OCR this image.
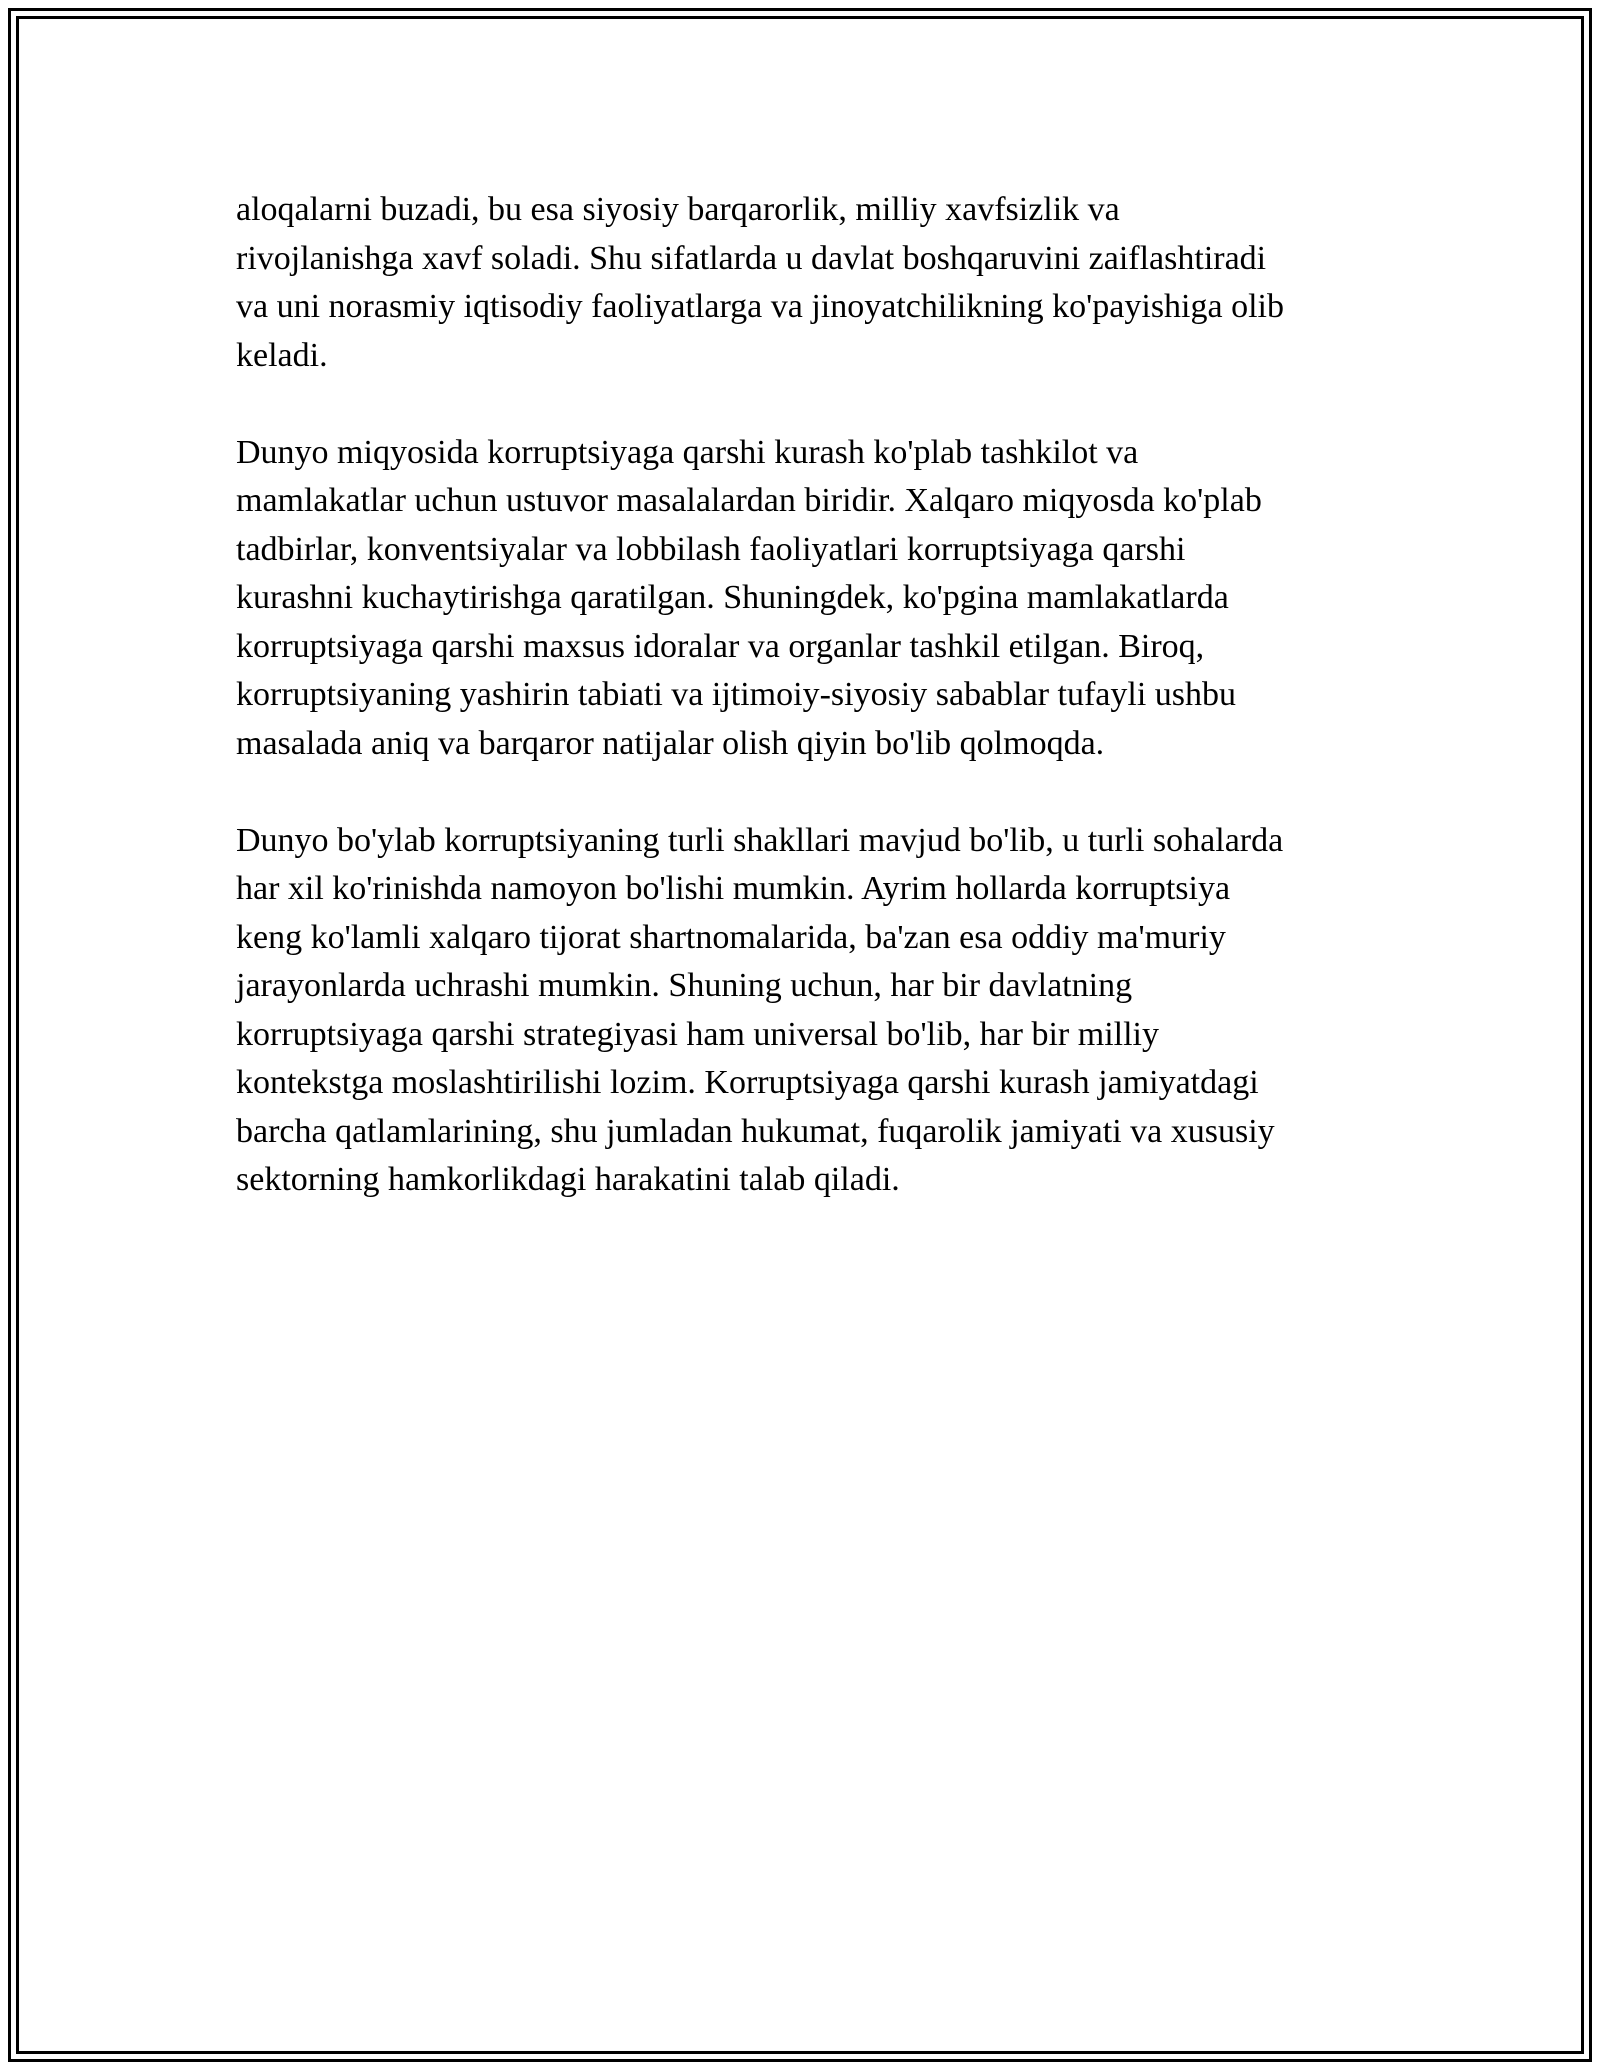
aloqalarni buzadi, bu esa siyosiy barqarorlik, milliy xavfsizlik va
rivojlanishga xavf soladi. Shu sifatlarda u davlat boshqaruvini zaiflashtiradi
va uni norasmiy iqtisodiy faoliyatlarga va jinoyatchilikning ko'payishiga olib
keladi.

Dunyo miqyosida korruptsiyaga qarshi kurash ko'plab tashkilot va
mamlakatlar uchun ustuvor masalalardan biridir. Xalqaro miqyosda ko'plab
tadbirlar, konventsiyalar va lobbilash faoliyatlari korruptsiyaga qarshi
kurashni kuchaytirishga qaratilgan. Shuningdek, ko'pgina mamlakatlarda
korruptsiyaga qarshi maxsus idoralar va organlar tashkil etilgan. Biroq,
korruptsiyaning yashirin tabiati va ijtimoiy-siyosiy sabablar tufayli ushbu
masalada aniq va barqaror natijalar olish qiyin bo'lib qolmoqda.

Dunyo bo'ylab korruptsiyaning turli shakllari mavjud bo'lib, u turli sohalarda
har xil ko'rinishda namoyon bo'lishi mumkin. Ayrim hollarda korruptsiya
keng ko'lamli xalqaro tijorat shartnomalarida, ba'zan esa oddiy ma'muriy
jarayonlarda uchrashi mumkin. Shuning uchun, har bir davlatning
korruptsiyaga qarshi strategiyasi ham universal bo'lib, har bir milliy
kontekstga moslashtirilishi lozim. Korruptsiyaga qarshi kurash jamiyatdagi
barcha qatlamlarining, shu jumladan hukumat, fuqarolik jamiyati va xususiy
sektorning hamkorlikdagi harakatini talab qiladi.
